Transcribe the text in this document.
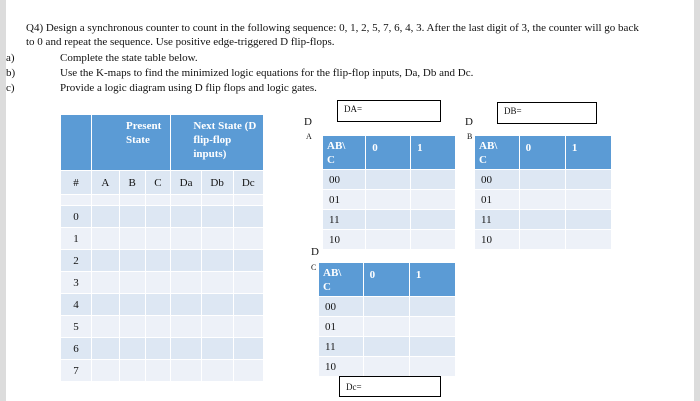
Q4) Design a synchronous counter to count in the following sequence: 0, 1, 2, 5, 7, 6, 4, 3. After the last digit of 3, the counter will go back
to 0 and repeat the sequence. Use positive edge-triggered D flip-flops.
a)	Complete the state table below.
b)	Use the K-maps to find the minimized logic equations for the flip-flop inputs, Da, Db and Dc.
c)	Provide a logic diagram using D flip flops and logic gates.
	Present State			Next State (D flip-flop inputs)		
#	A	B	C	Da	Db	Dc

0						
1						
2						
3						
4						
5						
6						
7						
D
A
DA=
AB\
C	0	1
00		
01		
11		
10		
D
B
DB=
AB\
C	0	1
00		
01		
11		
10		
D
C AB\
C	0	1
00		
01		
11		
10		
Dc=
